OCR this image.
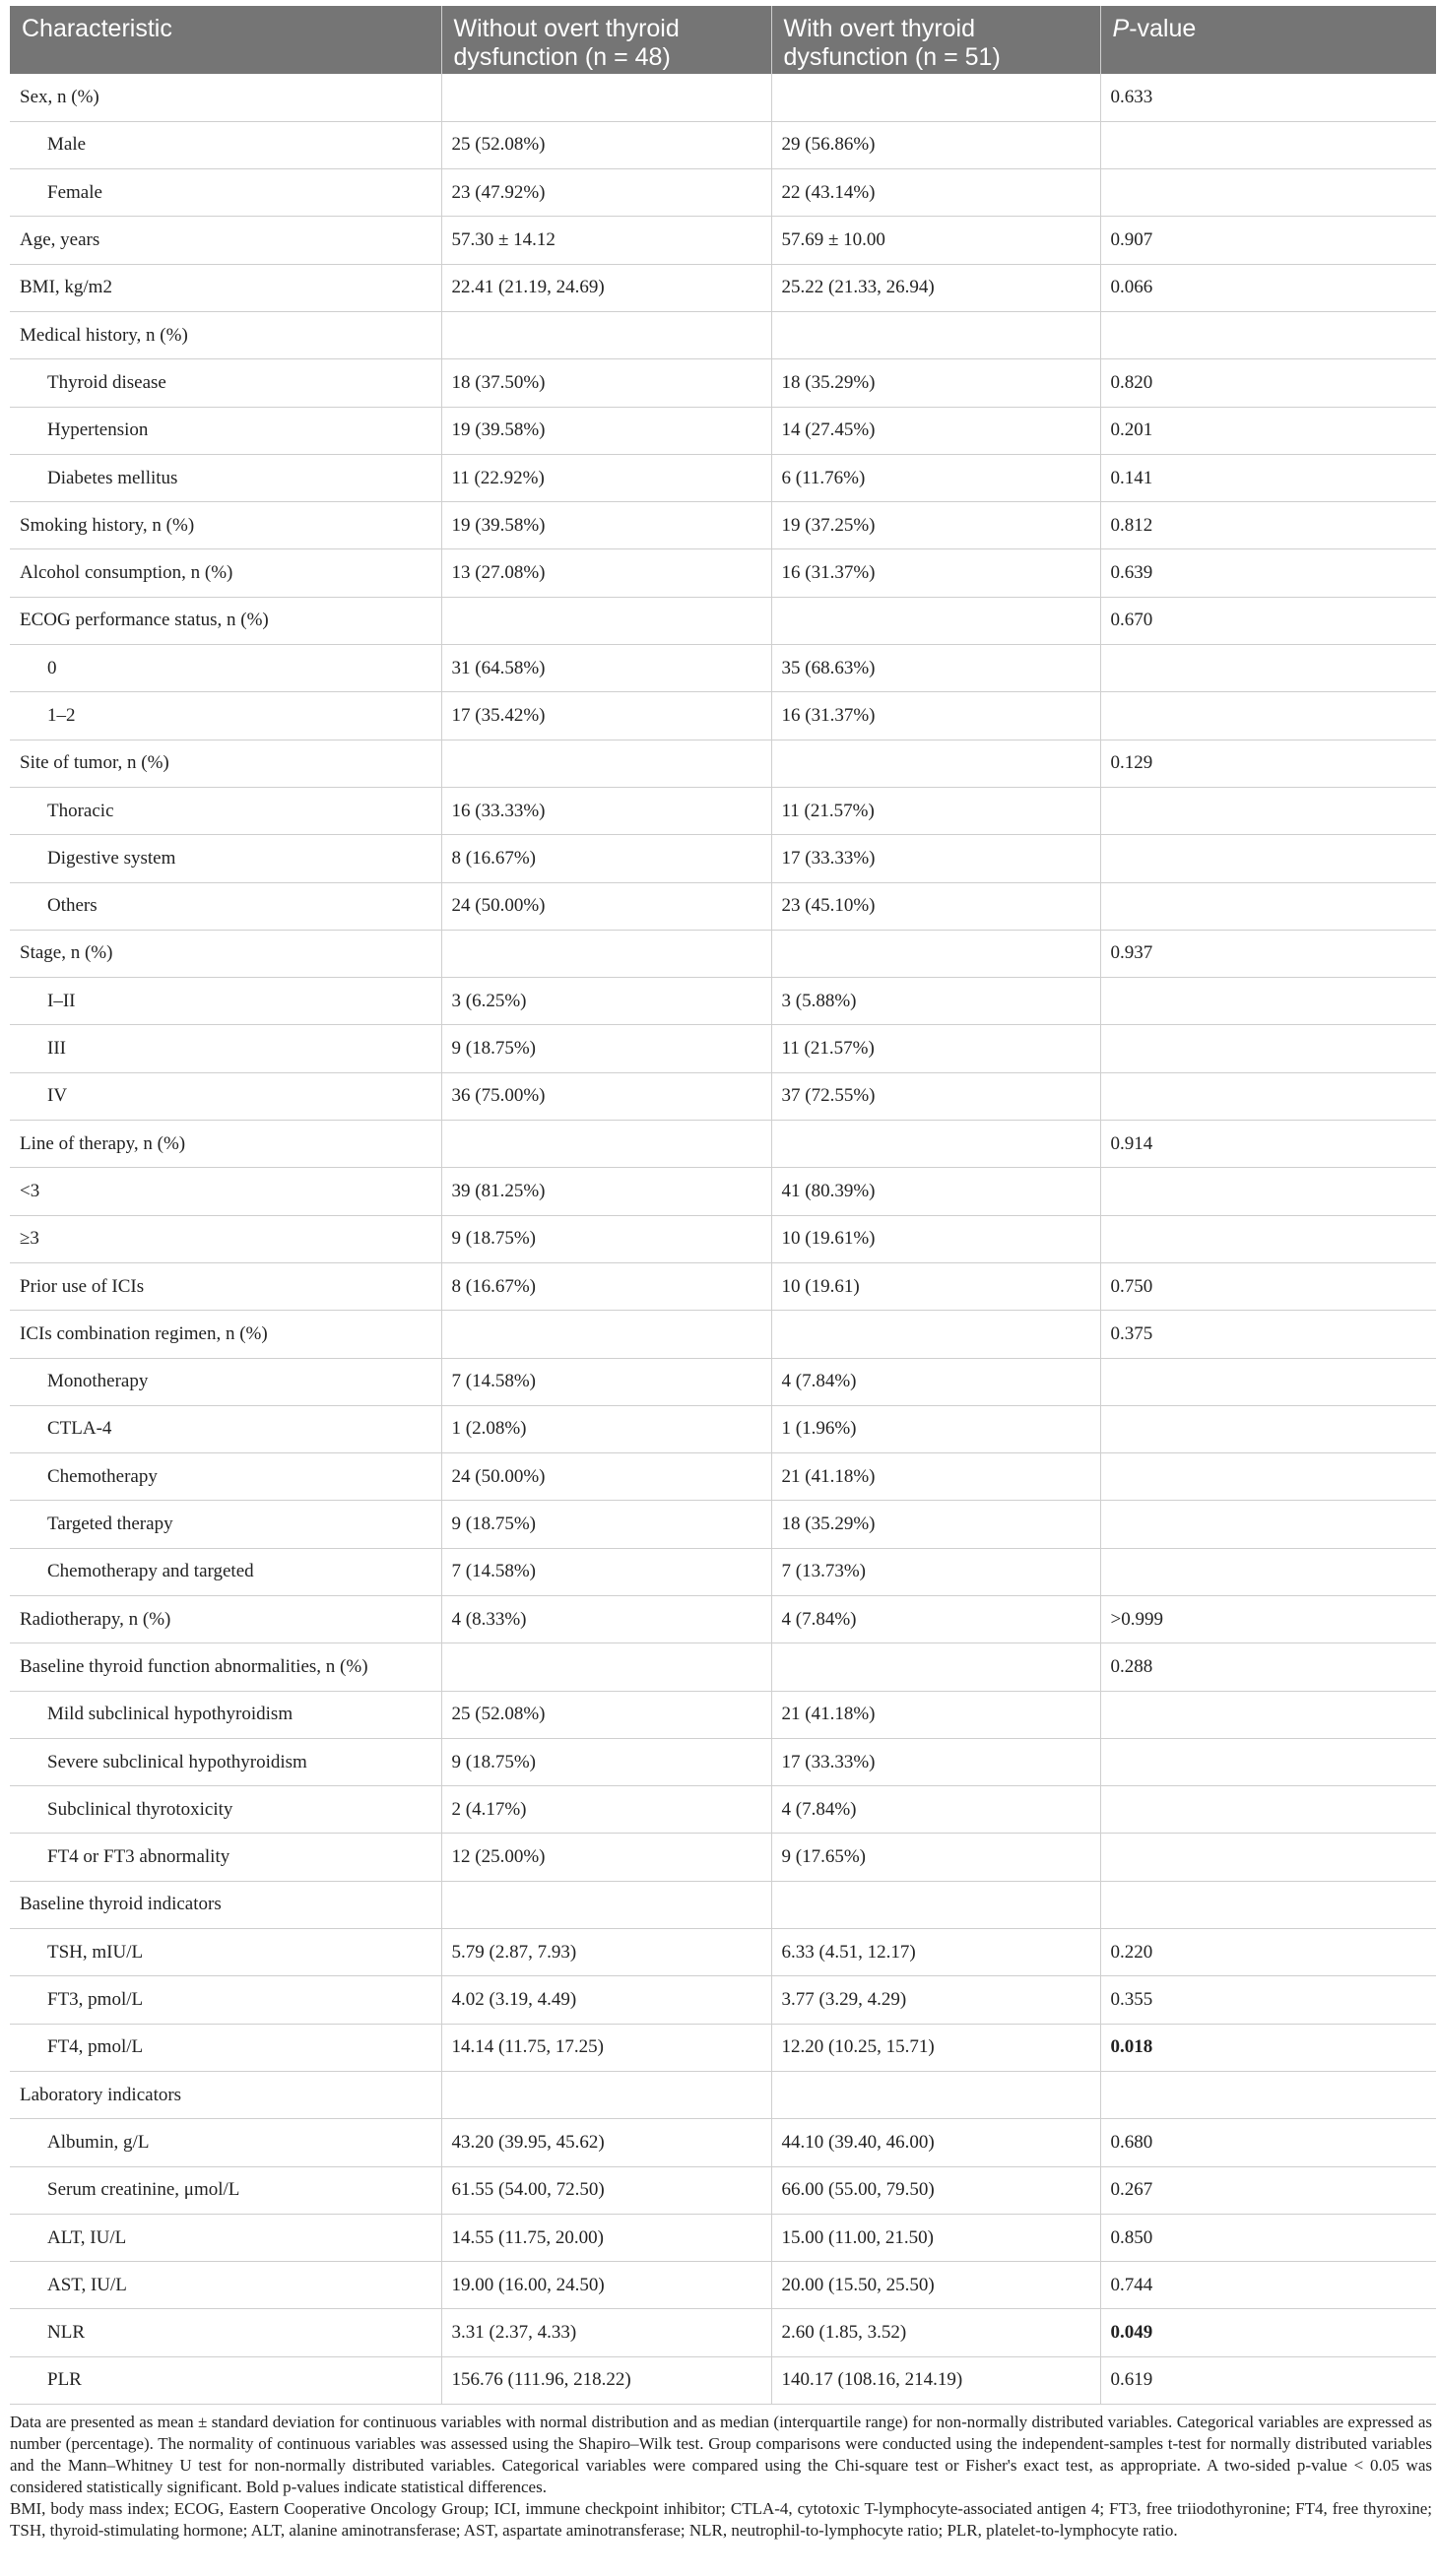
Characteristic	Without overt thyroid dysfunction (n = 48)	With overt thyroid dysfunction (n = 51)	P-value
Sex, n (%)			0.633
Male	25 (52.08%)	29 (56.86%)	
Female	23 (47.92%)	22 (43.14%)	
Age, years	57.30 ± 14.12	57.69 ± 10.00	0.907
BMI, kg/m2	22.41 (21.19, 24.69)	25.22 (21.33, 26.94)	0.066
Medical history, n (%)			
Thyroid disease	18 (37.50%)	18 (35.29%)	0.820
Hypertension	19 (39.58%)	14 (27.45%)	0.201
Diabetes mellitus	11 (22.92%)	6 (11.76%)	0.141
Smoking history, n (%)	19 (39.58%)	19 (37.25%)	0.812
Alcohol consumption, n (%)	13 (27.08%)	16 (31.37%)	0.639
ECOG performance status, n (%)			0.670
0	31 (64.58%)	35 (68.63%)	
1–2	17 (35.42%)	16 (31.37%)	
Site of tumor, n (%)			0.129
Thoracic	16 (33.33%)	11 (21.57%)	
Digestive system	8 (16.67%)	17 (33.33%)	
Others	24 (50.00%)	23 (45.10%)	
Stage, n (%)			0.937
I–II	3 (6.25%)	3 (5.88%)	
III	9 (18.75%)	11 (21.57%)	
IV	36 (75.00%)	37 (72.55%)	
Line of therapy, n (%)			0.914
<3	39 (81.25%)	41 (80.39%)	
≥3	9 (18.75%)	10 (19.61%)	
Prior use of ICIs	8 (16.67%)	10 (19.61)	0.750
ICIs combination regimen, n (%)			0.375
Monotherapy	7 (14.58%)	4 (7.84%)	
CTLA-4	1 (2.08%)	1 (1.96%)	
Chemotherapy	24 (50.00%)	21 (41.18%)	
Targeted therapy	9 (18.75%)	18 (35.29%)	
Chemotherapy and targeted	7 (14.58%)	7 (13.73%)	
Radiotherapy, n (%)	4 (8.33%)	4 (7.84%)	>0.999
Baseline thyroid function abnormalities, n (%)			0.288
Mild subclinical hypothyroidism	25 (52.08%)	21 (41.18%)	
Severe subclinical hypothyroidism	9 (18.75%)	17 (33.33%)	
Subclinical thyrotoxicity	2 (4.17%)	4 (7.84%)	
FT4 or FT3 abnormality	12 (25.00%)	9 (17.65%)	
Baseline thyroid indicators			
TSH, mIU/L	5.79 (2.87, 7.93)	6.33 (4.51, 12.17)	0.220
FT3, pmol/L	4.02 (3.19, 4.49)	3.77 (3.29, 4.29)	0.355
FT4, pmol/L	14.14 (11.75, 17.25)	12.20 (10.25, 15.71)	0.018
Laboratory indicators			
Albumin, g/L	43.20 (39.95, 45.62)	44.10 (39.40, 46.00)	0.680
Serum creatinine, μmol/L	61.55 (54.00, 72.50)	66.00 (55.00, 79.50)	0.267
ALT, IU/L	14.55 (11.75, 20.00)	15.00 (11.00, 21.50)	0.850
AST, IU/L	19.00 (16.00, 24.50)	20.00 (15.50, 25.50)	0.744
NLR	3.31 (2.37, 4.33)	2.60 (1.85, 3.52)	0.049
PLR	156.76 (111.96, 218.22)	140.17 (108.16, 214.19)	0.619

Data are presented as mean ± standard deviation for continuous variables with normal distribution and as median (interquartile range) for non-normally distributed variables. Categorical variables are expressed as number (percentage). The normality of continuous variables was assessed using the Shapiro–Wilk test. Group comparisons were conducted using the independent-samples t-test for normally distributed variables and the Mann–Whitney U test for non-normally distributed variables. Categorical variables were compared using the Chi-square test or Fisher's exact test, as appropriate. A two-sided p-value < 0.05 was considered statistically significant. Bold p-values indicate statistical differences.

BMI, body mass index; ECOG, Eastern Cooperative Oncology Group; ICI, immune checkpoint inhibitor; CTLA-4, cytotoxic T-lymphocyte-associated antigen 4; FT3, free triiodothyronine; FT4, free thyroxine; TSH, thyroid-stimulating hormone; ALT, alanine aminotransferase; AST, aspartate aminotransferase; NLR, neutrophil-to-lymphocyte ratio; PLR, platelet-to-lymphocyte ratio.
